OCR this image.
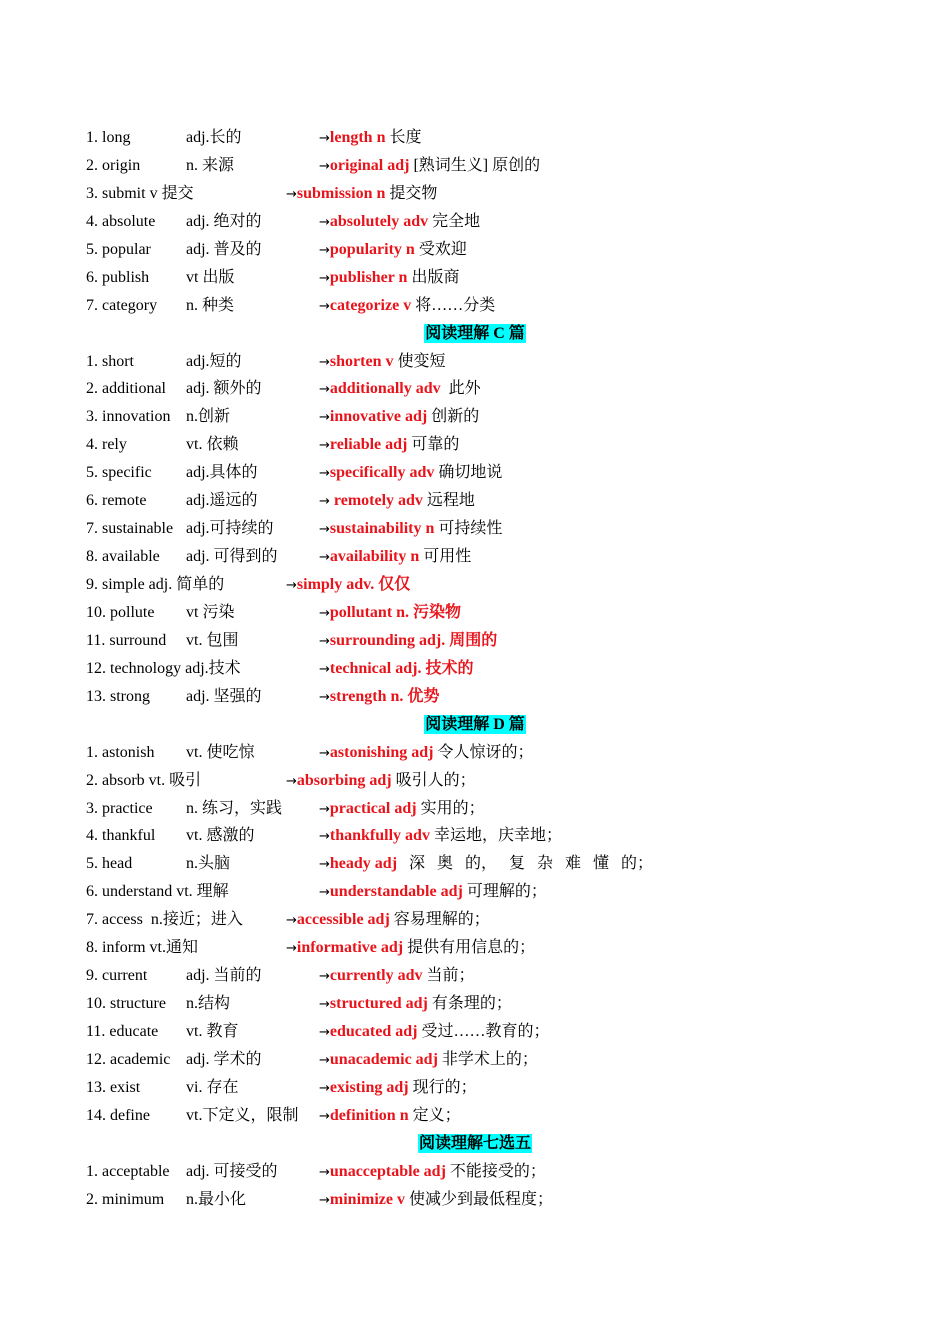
1. long	adj.长的	→length n 长度
2. origin	n. 来源	→original adj [熟词生义] 原创的
3. submit v 提交	→submission n 提交物
4. absolute adj. 绝对的	→absolutely adv 完全地
5. popular adj. 普及的	→popularity n 受欢迎
6. publish vt 出版	→publisher n 出版商
7. category n. 种类	→categorize v 将……分类
阅读理解 C 篇
1. short	adj.短的	→shorten v 使变短
2. additional adj. 额外的	→additionally adv  此外
3. innovation n.创新	→innovative adj 创新的
4. rely	vt. 依赖	→reliable adj 可靠的
5. specific adj.具体的	→specifically adv 确切地说
6. remote adj.遥远的	→ remotely adv 远程地
7. sustainable adj.可持续的	→sustainability n 可持续性
8. available adj. 可得到的	→availability n 可用性
9. simple adj. 简单的	→simply adv. 仅仅
10. pollute vt 污染	→pollutant n. 污染物
11. surround vt. 包围	→surrounding adj. 周围的
12. technology adj.技术	→technical adj. 技术的
13. strong adj. 坚强的	→strength n. 优势
阅读理解 D 篇
1. astonish vt. 使吃惊	→astonishing adj 令人惊讶的；
2. absorb vt. 吸引	→absorbing adj 吸引人的；
3. practice n. 练习，实践	→practical adj 实用的；
4. thankful vt. 感激的	→thankfully adv 幸运地，庆幸地；
5. head	n.头脑	→heady adj 深 奥 的， 复 杂 难 懂 的；
6. understand vt. 理解	→understandable adj 可理解的；
7. access  n.接近；进入	→accessible adj 容易理解的；
8. inform vt.通知	→informative adj 提供有用信息的；
9. current adj. 当前的	→currently adv 当前；
10. structure n.结构	→structured adj 有条理的；
11. educate vt. 教育	→educated adj 受过……教育的；
12. academic adj. 学术的	→unacademic adj 非学术上的；
13. exist	vi. 存在	→existing adj 现行的；
14. define vt.下定义，限制 →definition n 定义；
阅读理解七选五
1. acceptable adj. 可接受的	→unacceptable adj 不能接受的；
2. minimum n.最小化	→minimize v 使减少到最低程度；
